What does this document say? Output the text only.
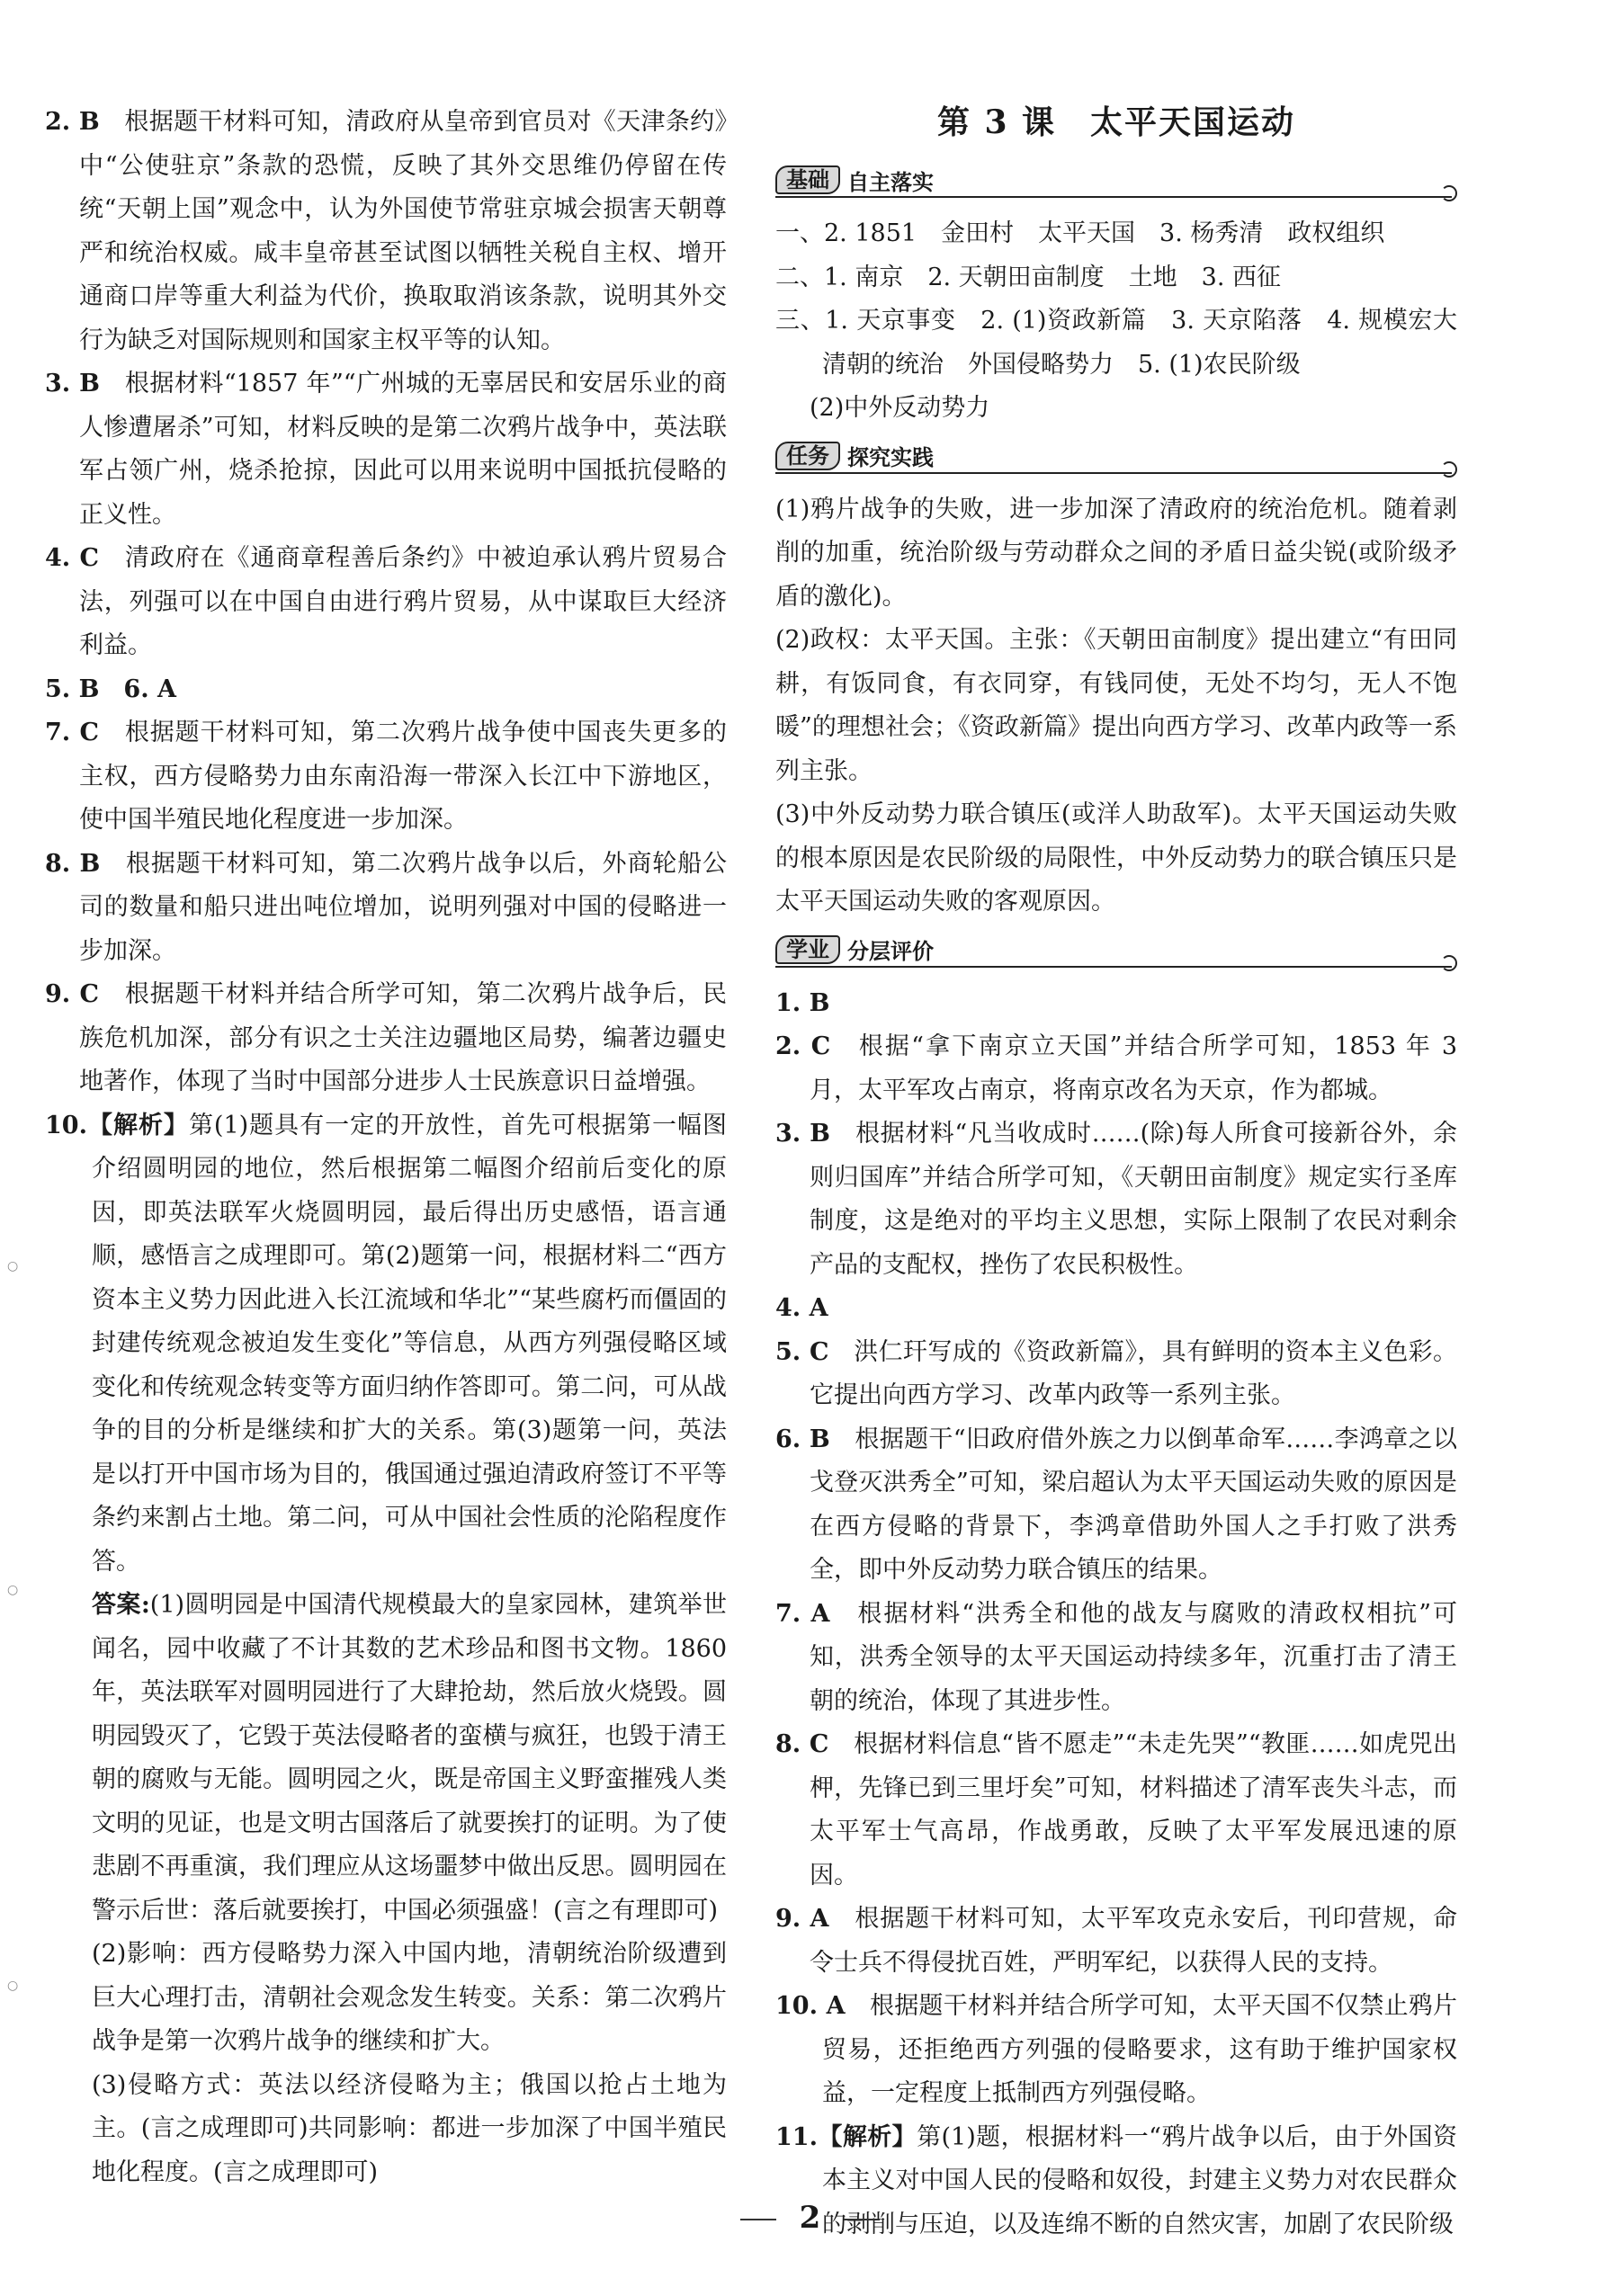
2. B　根据题干材料可知，清政府从皇帝到官员对《天津条约》中“公使驻京”条款的恐慌，反映了其外交思维仍停留在传统“天朝上国”观念中，认为外国使节常驻京城会损害天朝尊严和统治权威。咸丰皇帝甚至试图以牺牲关税自主权、增开通商口岸等重大利益为代价，换取取消该条款，说明其外交行为缺乏对国际规则和国家主权平等的认知。
3. B　根据材料“1857 年”“广州城的无辜居民和安居乐业的商人惨遭屠杀”可知，材料反映的是第二次鸦片战争中，英法联军占领广州，烧杀抢掠，因此可以用来说明中国抵抗侵略的正义性。
4. C　清政府在《通商章程善后条约》中被迫承认鸦片贸易合法，列强可以在中国自由进行鸦片贸易，从中谋取巨大经济利益。
5. B　6. A
7. C　根据题干材料可知，第二次鸦片战争使中国丧失更多的主权，西方侵略势力由东南沿海一带深入长江中下游地区，使中国半殖民地化程度进一步加深。
8. B　根据题干材料可知，第二次鸦片战争以后，外商轮船公司的数量和船只进出吨位增加，说明列强对中国的侵略进一步加深。
9. C　根据题干材料并结合所学可知，第二次鸦片战争后，民族危机加深，部分有识之士关注边疆地区局势，编著边疆史地著作，体现了当时中国部分进步人士民族意识日益增强。
10.【解析】第(1)题具有一定的开放性，首先可根据第一幅图介绍圆明园的地位，然后根据第二幅图介绍前后变化的原因，即英法联军火烧圆明园，最后得出历史感悟，语言通顺，感悟言之成理即可。第(2)题第一问，根据材料二“西方资本主义势力因此进入长江流域和华北”“某些腐朽而僵固的封建传统观念被迫发生变化”等信息，从西方列强侵略区域变化和传统观念转变等方面归纳作答即可。第二问，可从战争的目的分析是继续和扩大的关系。第(3)题第一问，英法是以打开中国市场为目的，俄国通过强迫清政府签订不平等条约来割占土地。第二问，可从中国社会性质的沦陷程度作答。
答案:(1)圆明园是中国清代规模最大的皇家园林，建筑举世闻名，园中收藏了不计其数的艺术珍品和图书文物。1860 年，英法联军对圆明园进行了大肆抢劫，然后放火烧毁。圆明园毁灭了，它毁于英法侵略者的蛮横与疯狂，也毁于清王朝的腐败与无能。圆明园之火，既是帝国主义野蛮摧残人类文明的见证，也是文明古国落后了就要挨打的证明。为了使悲剧不再重演，我们理应从这场噩梦中做出反思。圆明园在警示后世：落后就要挨打，中国必须强盛！(言之有理即可)
(2)影响：西方侵略势力深入中国内地，清朝统治阶级遭到巨大心理打击，清朝社会观念发生转变。关系：第二次鸦片战争是第一次鸦片战争的继续和扩大。
(3)侵略方式：英法以经济侵略为主；俄国以抢占土地为主。(言之成理即可)共同影响：都进一步加深了中国半殖民地化程度。(言之成理即可)
第 3 课　太平天国运动
基础 自主落实
一、2. 1851　金田村　太平天国　3. 杨秀清　政权组织
二、1. 南京　2. 天朝田亩制度　土地　3. 西征
三、1. 天京事变　2. (1)资政新篇　3. 天京陷落　4. 规模宏大　清朝的统治　外国侵略势力　5. (1)农民阶级
(2)中外反动势力
任务 探究实践
(1)鸦片战争的失败，进一步加深了清政府的统治危机。随着剥削的加重，统治阶级与劳动群众之间的矛盾日益尖锐(或阶级矛盾的激化)。
(2)政权：太平天国。主张：《天朝田亩制度》提出建立“有田同耕，有饭同食，有衣同穿，有钱同使，无处不均匀，无人不饱暖”的理想社会；《资政新篇》提出向西方学习、改革内政等一系列主张。
(3)中外反动势力联合镇压(或洋人助敌军)。太平天国运动失败的根本原因是农民阶级的局限性，中外反动势力的联合镇压只是太平天国运动失败的客观原因。
学业 分层评价
1. B
2. C　根据“拿下南京立天国”并结合所学可知，1853 年 3 月，太平军攻占南京，将南京改名为天京，作为都城。
3. B　根据材料“凡当收成时……(除)每人所食可接新谷外，余则归国库”并结合所学可知，《天朝田亩制度》规定实行圣库制度，这是绝对的平均主义思想，实际上限制了农民对剩余产品的支配权，挫伤了农民积极性。
4. A
5. C　洪仁玕写成的《资政新篇》，具有鲜明的资本主义色彩。它提出向西方学习、改革内政等一系列主张。
6. B　根据题干“旧政府借外族之力以倒革命军……李鸿章之以戈登灭洪秀全”可知，梁启超认为太平天国运动失败的原因是在西方侵略的背景下，李鸿章借助外国人之手打败了洪秀全，即中外反动势力联合镇压的结果。
7. A　根据材料“洪秀全和他的战友与腐败的清政权相抗”可知，洪秀全领导的太平天国运动持续多年，沉重打击了清王朝的统治，体现了其进步性。
8. C　根据材料信息“皆不愿走”“未走先哭”“教匪……如虎兕出柙，先锋已到三里圩矣”可知，材料描述了清军丧失斗志，而太平军士气高昂，作战勇敢，反映了太平军发展迅速的原因。
9. A　根据题干材料可知，太平军攻克永安后，刊印营规，命令士兵不得侵扰百姓，严明军纪，以获得人民的支持。
10. A　根据题干材料并结合所学可知，太平天国不仅禁止鸦片贸易，还拒绝西方列强的侵略要求，这有助于维护国家权益，一定程度上抵制西方列强侵略。
11.【解析】第(1)题，根据材料一“鸦片战争以后，由于外国资本主义对中国人民的侵略和奴役，封建主义势力对农民群众的剥削与压迫，以及连绵不断的自然灾害，加剧了农民阶级
2
○
○
○
